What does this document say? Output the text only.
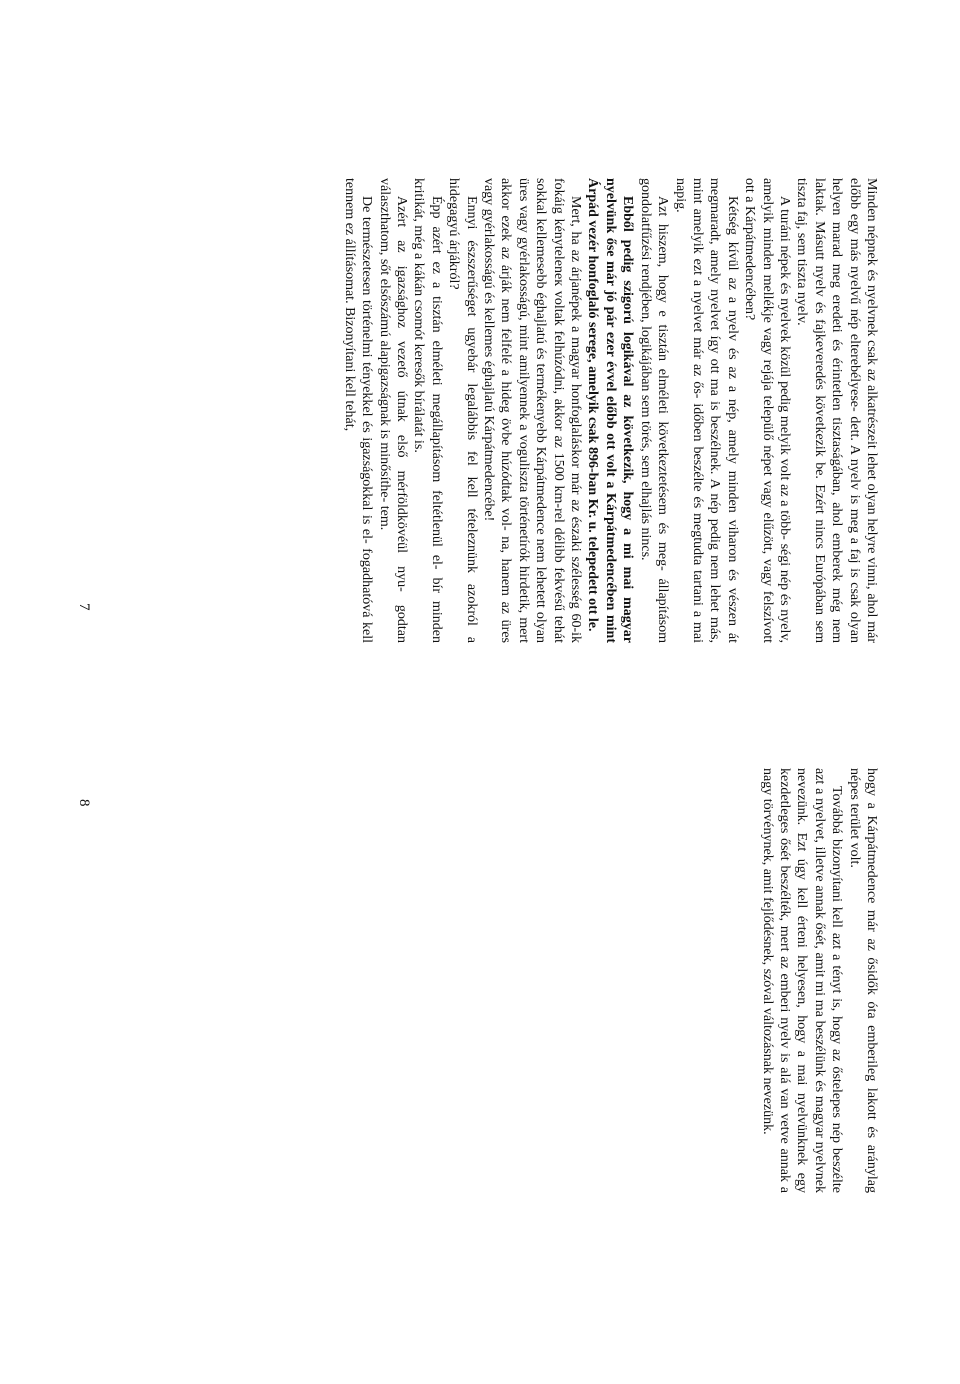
Minden népnek és nyelvnek csak az alkatrészeit lehet olyan helyre vinni, ahol már előbb egy más nyelvű nép elterebélyese- dett. A nyelv is meg a faj is csak olyan helyen marad meg eredeti és érintetlen tisztaságában, ahol emberek még nem laktak. Másutt nyelv és fajkeveredés következik be. Ezért nincs Európában sem tiszta faj, sem tiszta nyelv.

A turáni népek és nyelvek közül pedig melyik volt az a több- ségi nép és nyelv, amelyik minden mellékje vagy rejája települő népet vagy elűzött, vagy felszívott ott a Kárpátmedencében?

Kétség kívül az a nyelv és az a nép, amely minden viharon és vészen át megmaradt, amely nyelvet így ott ma is beszélnek. A nép pedig nem lehet más, mint amelyik ezt a nyelvet már az ős- időben beszélte és megtudta tartani a mai napig.

Azt hiszem, hogy e tisztán elméleti következtetésem és meg- állapításom gondolatfűzési rendjében, logikájában sem törés, sem elhajlás nincs.

Ebből pedig szigorú logikával az következik, hogy a mi mai magyar nyelvünk őse már jó pár ezer évvel előbb ott volt a Kárpátmedencében mint Árpád vezér honfoglaló serege, amelyik csak 896-ban Kr. u. telepedett ott le.

Mert, ha az árjanépek a magyar honfoglaláskor már az északi szélesség 60-ik fokáig kényteleneк voltak felhúzódni, akkor az 1500 km-rel délibb fekvésű tehát sokkal kellemesebb éghajlatú és termékenyebb Kárpátmedence nem lehetett olyan üres vagy gyérlakosságú, mint amilyennek a voguliszta történetírók hirdetik, mert akkor ezek az árják nem felfelé a hideg övbe húzódtak vol- na, hanem az üres vagy gyérlakosságú és kellemes éghajlatú Kárpátmedencébe!

Ennyi észszerűséget ugyebár legalábbis fel kell tételeznünk azokról a hidegagyú árjákról?

Épp azért ez a tisztán elméleti megállapításom feltétlenül el- bír minden kritikát, még a kákán csomót keresők bírálatát is.

Azért az igazsághoz vezető útnak első mérföldkövéül nyu- godtan választhatom, sőt elsőszámú alapigazságnak is minősíthe- tem.

De természetesen történelmi tényekkel és igazságokkal is el- fogadhatóvá kell tennem ez állításomat. Bizonyítani kell tehát,

7

hogy a Kárpátmedence már az ősidők óta emberileg lakott és aránylag népes terület volt.

Továbbá bizonyítani kell azt a tényt is, hogy az őstelepes nép beszélte azt a nyelvet, illetve annak ősét, amit mi ma beszélünk és magyar nyelvnek nevezünk. Ezt úgy kell érteni helyesen, hogy a mai nyelvünknek egy kezdetleges ősét beszélték, mert az emberi nyelv is alá van vetve annak a nagy törvénynek, amit fejlődésnek, szóval változásnak nevezünk.

8
